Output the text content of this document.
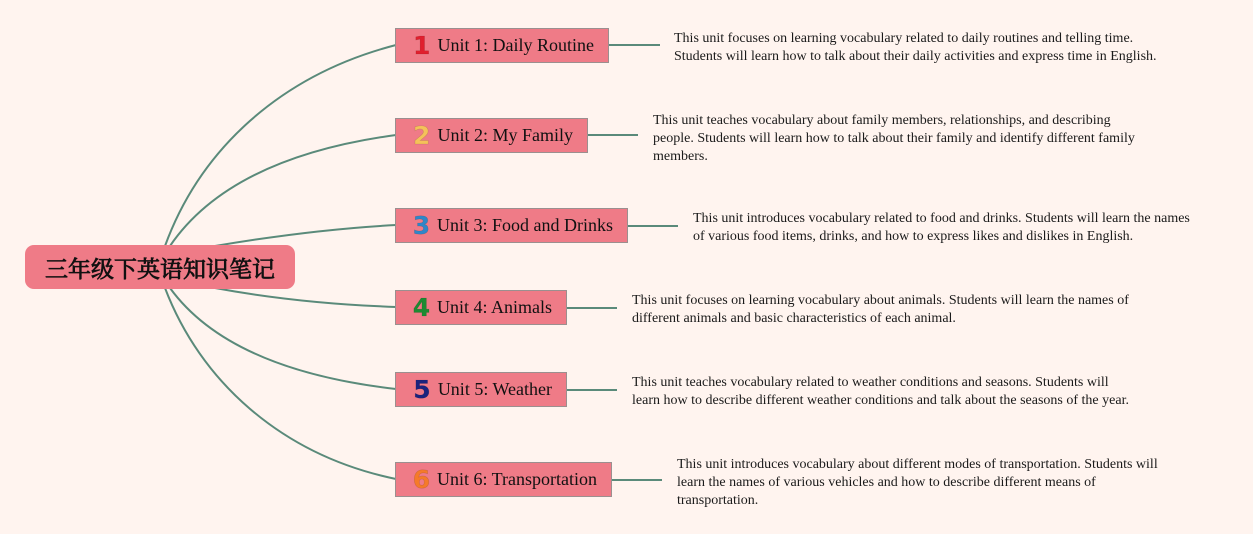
三年级下英语知识笔记
1 Unit 1: Daily Routine	This unit focuses on learning vocabulary related to daily routines and telling time. Students will learn how to talk about their daily activities and express time in English.
2 Unit 2: My Family
This unit teaches vocabulary about family members, relationships, and describing people. Students will learn how to talk about their family and identify different family members.
3 Unit 3: Food and Drinks	This unit introduces vocabulary related to food and drinks. Students will learn the names of various food items, drinks, and how to express likes and dislikes in English.
4 Unit 4: Animals	This unit focuses on learning vocabulary about animals. Students will learn the names of different animals and basic characteristics of each animal.
5 Unit 5: Weather	This unit teaches vocabulary related to weather conditions and seasons. Students will learn how to describe different weather conditions and talk about the seasons of the year.
6 Unit 6: Transportation
This unit introduces vocabulary about different modes of transportation. Students will learn the names of various vehicles and how to describe different means of transportation.
